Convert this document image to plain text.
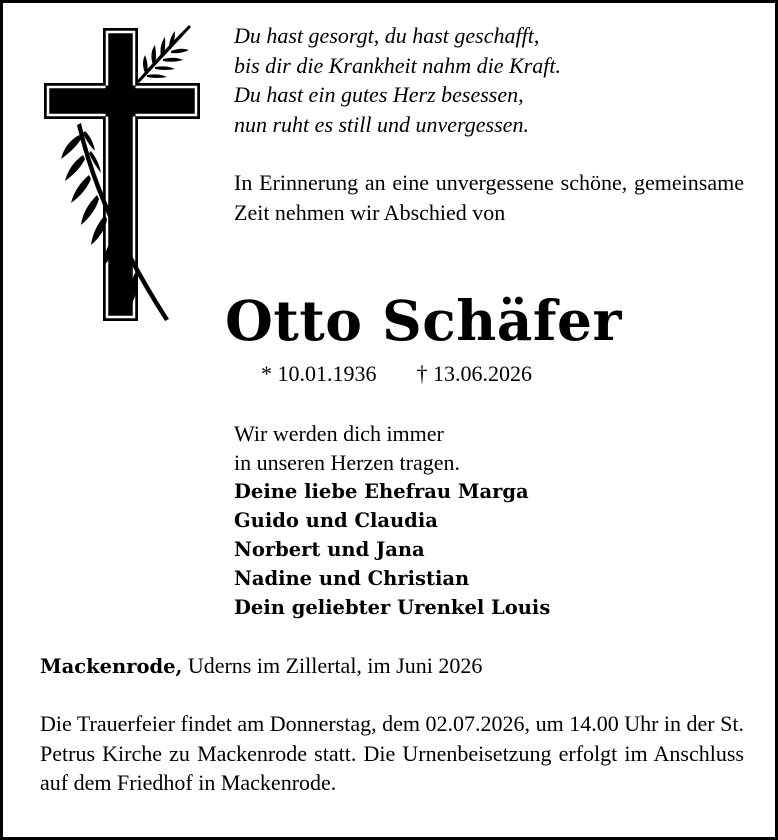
Du hast gesorgt, du hast geschafft,
bis dir die Krankheit nahm die Kraft.
Du hast ein gutes Herz besessen,
nun ruht es still und unvergessen.

In Erinnerung an eine unvergessene schöne, gemeinsame Zeit nehmen wir Abschied von

Otto Schäfer
* 10.01.1936 † 13.06.2026
Wir werden dich immer
in unseren Herzen tragen.
Deine liebe Ehefrau Marga
Guido und Claudia
Norbert und Jana
Nadine und Christian
Dein geliebter Urenkel Louis
Mackenrode, Uderns im Zillertal, im Juni 2026

Die Trauerfeier findet am Donnerstag, dem 02.07.2026, um 14.00 Uhr in der St. Petrus Kirche zu Mackenrode statt. Die Urnenbeisetzung erfolgt im Anschluss auf dem Friedhof in Mackenrode.
